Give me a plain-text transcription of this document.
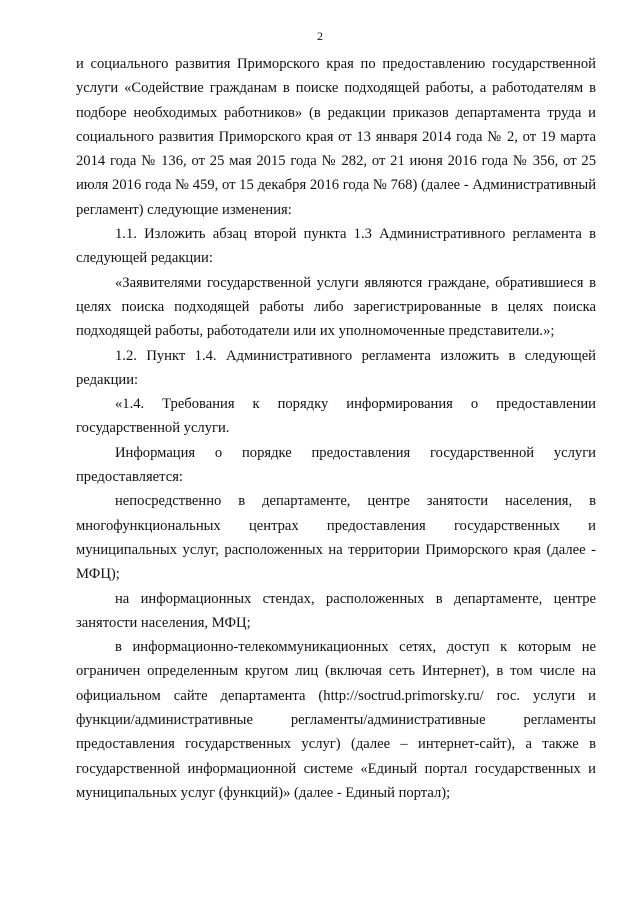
2

и социального развития Приморского края по предоставлению государственной услуги «Содействие гражданам в поиске подходящей работы, а работодателям в подборе необходимых работников» (в редакции приказов департамента труда и социального развития Приморского края от 13 января 2014 года № 2, от 19 марта 2014 года № 136, от 25 мая 2015 года № 282, от 21 июня 2016 года № 356, от 25 июля 2016 года № 459, от 15 декабря 2016 года № 768) (далее - Административный регламент) следующие изменения:

1.1. Изложить абзац второй пункта 1.3 Административного регламента в следующей редакции:

«Заявителями государственной услуги являются граждане, обратившиеся в целях поиска подходящей работы либо зарегистрированные в целях поиска подходящей работы, работодатели или их уполномоченные представители.»;

1.2. Пункт 1.4. Административного регламента изложить в следующей редакции:

«1.4. Требования к порядку информирования о предоставлении государственной услуги.

Информация о порядке предоставления государственной услуги предоставляется:

непосредственно в департаменте, центре занятости населения, в многофункциональных центрах предоставления государственных и муниципальных услуг, расположенных на территории Приморского края (далее - МФЦ);

на информационных стендах, расположенных в департаменте, центре занятости населения, МФЦ;

в информационно-телекоммуникационных сетях, доступ к которым не ограничен определенным кругом лиц (включая сеть Интернет), в том числе на официальном сайте департамента (http://soctrud.primorsky.ru/ гос. услуги и функции/административные регламенты/административные регламенты предоставления государственных услуг) (далее – интернет-сайт), а также в государственной информационной системе «Единый портал государственных и муниципальных услуг (функций)» (далее - Единый портал);
